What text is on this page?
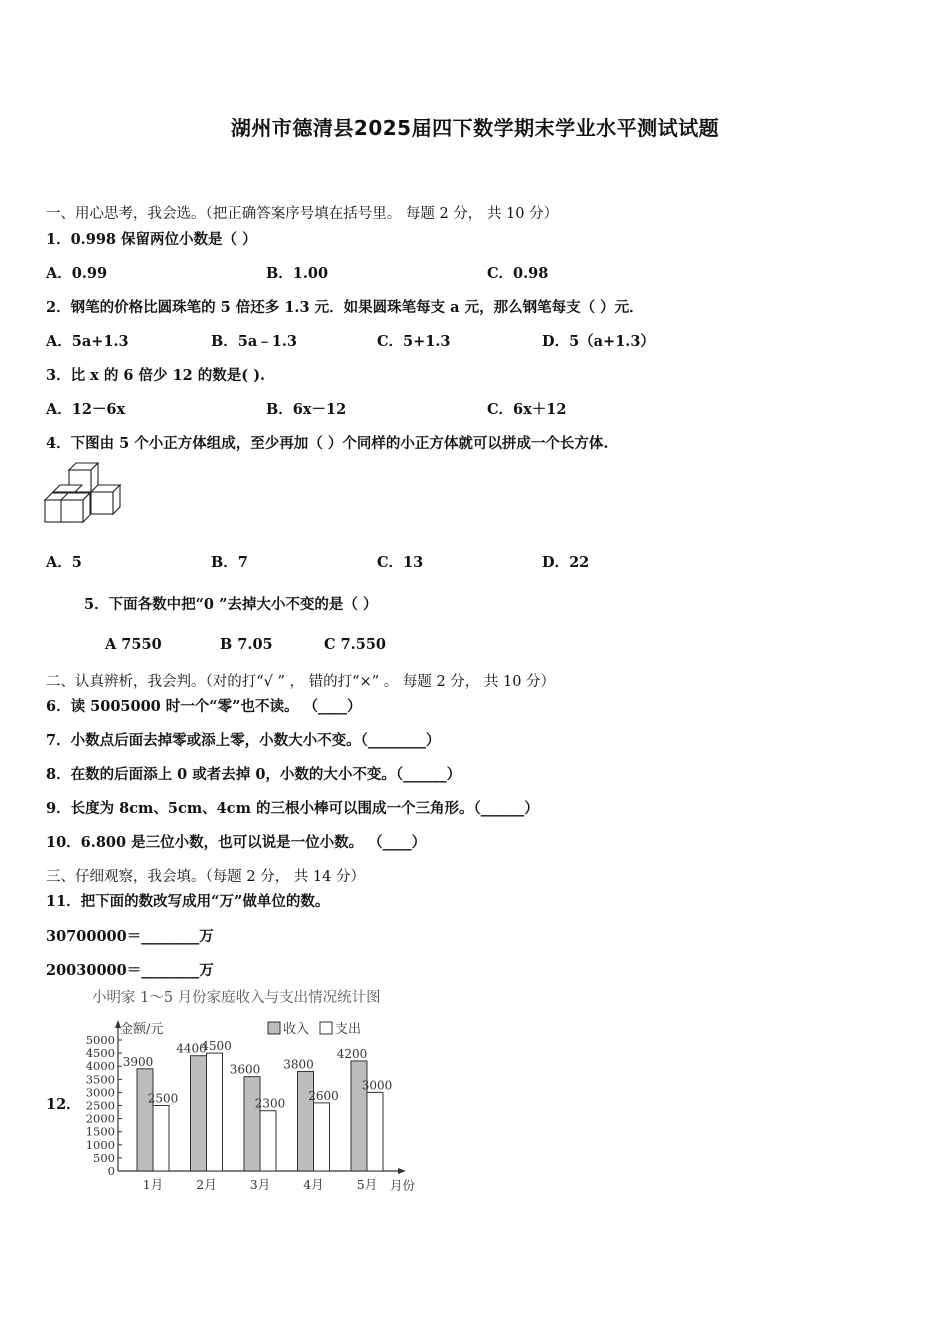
湖州市德清县2025届四下数学期末学业水平测试试题
一、用心思考，我会选。（把正确答案序号填在括号里。 每题 2 分， 共 10 分）
1．0.998 保留两位小数是（ ）
A．0.99	B．1.00	C．0.98
2．钢笔的价格比圆珠笔的 5 倍还多 1.3 元．如果圆珠笔每支 a 元，那么钢笔每支（ ）元．
A．5a+1.3	B．5a﹣1.3	C．5+1.3	D．5（a+1.3）
3．比 x 的 6 倍少 12 的数是( ).
A．12－6x	B．6x－12	C．6x＋12
4．下图由 5 个小正方体组成，至少再加（ ）个同样的小正方体就可以拼成一个长方体.
A．5	B．7	C．13	D．22
5．下面各数中把“0 ”去掉大小不变的是（ ）
A 7550	B 7.05	C 7.550
二、认真辨析，我会判。（对的打“√ ” ， 错的打“×” 。 每题 2 分， 共 10 分）
6．读 5005000 时一个“零”也不读。 （____）
7．小数点后面去掉零或添上零，小数大小不变。（________）
8．在数的后面添上 0 或者去掉 0，小数的大小不变。（______）
9．长度为 8cm、5cm、4cm 的三根小棒可以围成一个三角形。（______）
10．6.800 是三位小数，也可以说是一位小数。 （____）
三、仔细观察，我会填。（每题 2 分， 共 14 分）
11．把下面的数改写成用“万”做单位的数。
30700000＝________万
20030000＝________万
12．
小明家 1～5 月份家庭收入与支出情况统计图
金额/元	收入 支出
0
500
1000
1500
2000
2500
3000
3500
4000
4500
5000
3900
2500
1月
4400
4500
2月
3600
2300
3月
3800
2600
4月
4200
3000
5月 月份
